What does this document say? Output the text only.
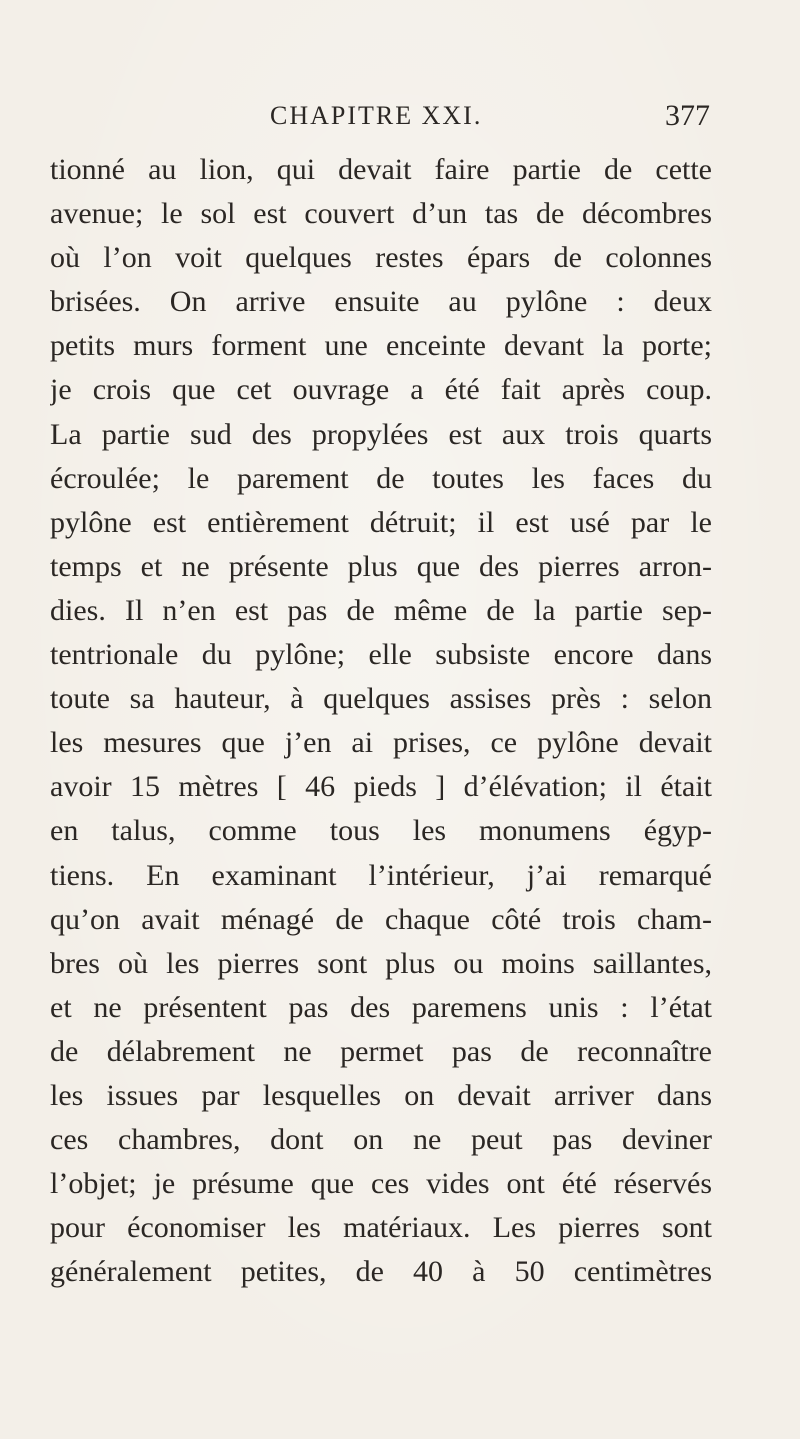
CHAPITRE XXI.	377
tionné au lion, qui devait faire partie de cette
avenue; le sol est couvert d’un tas de décombres
où l’on voit quelques restes épars de colonnes
brisées. On arrive ensuite au pylône : deux
petits murs forment une enceinte devant la porte;
je crois que cet ouvrage a été fait après coup.
La partie sud des propylées est aux trois quarts
écroulée; le parement de toutes les faces du
pylône est entièrement détruit; il est usé par le
temps et ne présente plus que des pierres arron-
dies. Il n’en est pas de même de la partie sep-
tentrionale du pylône; elle subsiste encore dans
toute sa hauteur, à quelques assises près : selon
les mesures que j’en ai prises, ce pylône devait
avoir 15 mètres [ 46 pieds ] d’élévation; il était
en talus, comme tous les monumens égyp-
tiens. En examinant l’intérieur, j’ai remarqué
qu’on avait ménagé de chaque côté trois cham-
bres où les pierres sont plus ou moins saillantes,
et ne présentent pas des paremens unis : l’état
de délabrement ne permet pas de reconnaître
les issues par lesquelles on devait arriver dans
ces chambres, dont on ne peut pas deviner
l’objet; je présume que ces vides ont été réservés
pour économiser les matériaux. Les pierres sont
généralement petites, de 40 à 50 centimètres
